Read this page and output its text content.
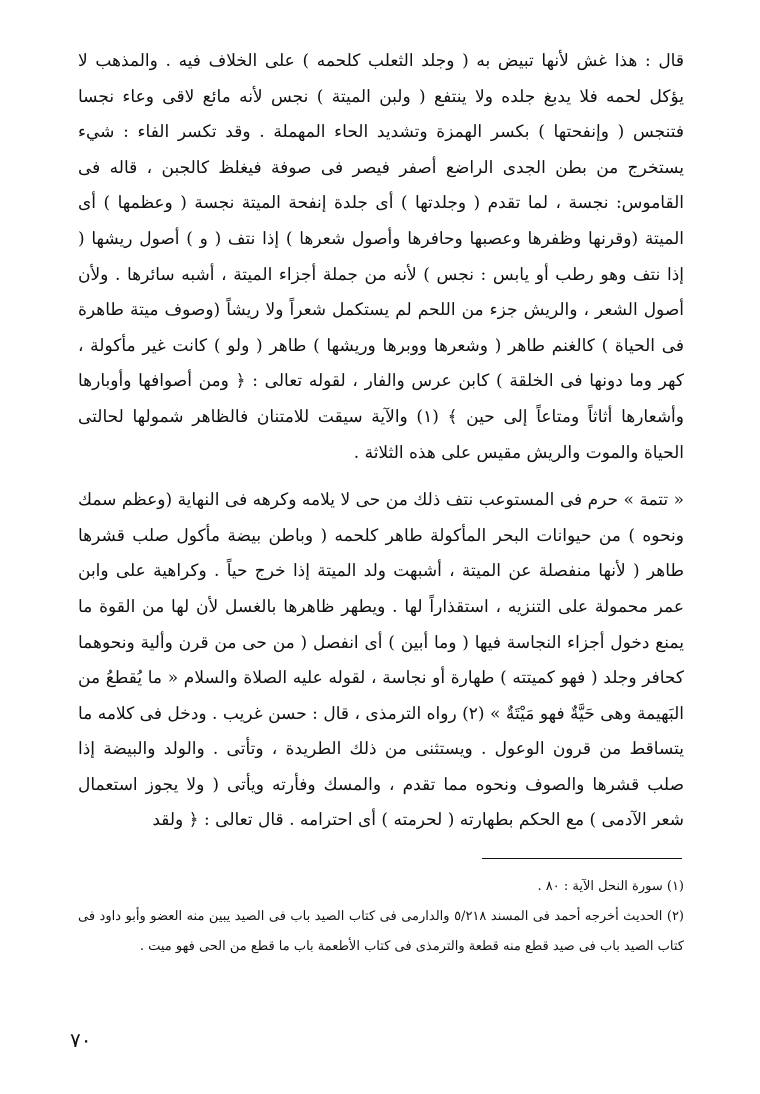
قال : هذا غش لأنها تبيض به ( وجلد الثعلب كلحمه ) على الخلاف فيه . والمذهب لا يؤكل لحمه فلا يدبغ جلده ولا ينتفع ( ولبن الميتة ) نجس لأنه مائع لاقى وعاء نجسا فتنجس ( وإنفحتها ) بكسر الهمزة وتشديد الحاء المهملة . وقد تكسر الفاء : شيء يستخرج من بطن الجدى الراضع أصفر فيصر فى صوفة فيغلظ كالجبن ، قاله فى القاموس: نجسة ، لما تقدم ( وجلدتها ) أى جلدة إنفحة الميتة نجسة ( وعظمها ) أى الميتة (وقرنها وظفرها وعصبها وحافرها وأصول شعرها ) إذا نتف ( و ) أصول ريشها ( إذا نتف وهو رطب أو يابس : نجس ) لأنه من جملة أجزاء الميتة ، أشبه سائرها . ولأن أصول الشعر ، والريش جزء من اللحم لم يستكمل شعراً ولا ريشاً (وصوف ميتة طاهرة فى الحياة ) كالغنم طاهر ( وشعرها ووبرها وريشها ) طاهر ( ولو ) كانت غير مأكولة ، كهر وما دونها فى الخلقة ) كابن عرس والفار ، لقوله تعالى : ﴿ ومن أصوافها وأوبارها وأشعارها أثاثاً ومتاعاً إلى حين ﴾ (١) والآية سيقت للامتنان فالظاهر شمولها لحالتى الحياة والموت والريش مقيس على هذه الثلاثة .

« تتمة » حرم فى المستوعب نتف ذلك من حى لا يلامه وكرهه فى النهاية (وعظم سمك ونحوه ) من حيوانات البحر المأكولة طاهر كلحمه ( وباطن بيضة مأكول صلب قشرها طاهر ( لأنها منفصلة عن الميتة ، أشبهت ولد الميتة إذا خرج حياً . وكراهية على وابن عمر محمولة على التنزيه ، استقذاراً لها . ويطهر ظاهرها بالغسل لأن لها من القوة ما يمنع دخول أجزاء النجاسة فيها ( وما أبين ) أى انفصل ( من حى من قرن وألية ونحوهما كحافر وجلد ( فهو كميتته ) طهارة أو نجاسة ، لقوله عليه الصلاة والسلام « ما يُقطعُ من البَهيمة وهى حَيَّةٌ فهو مَيْتَةٌ » (٢) رواه الترمذى ، قال : حسن غريب . ودخل فى كلامه ما يتساقط من قرون الوعول . ويستثنى من ذلك الطريدة ، وتأتى . والولد والبيضة إذا صلب قشرها والصوف ونحوه مما تقدم ، والمسك وفأرته ويأتى ( ولا يجوز استعمال شعر الآدمى ) مع الحكم بطهارته ( لحرمته ) أى احترامه . قال تعالى : ﴿ ولقد

(١) سورة النحل الآية : ٨٠ .

(٢) الحديث أخرجه أحمد فى المسند ٥/٢١٨ والدارمى فى كتاب الصيد باب فى الصيد يبين منه العضو وأبو داود فى كتاب الصيد باب فى صيد قطع منه قطعة والترمذى فى كتاب الأطعمة باب ما قطع من الحى فهو ميت .

٧٠
